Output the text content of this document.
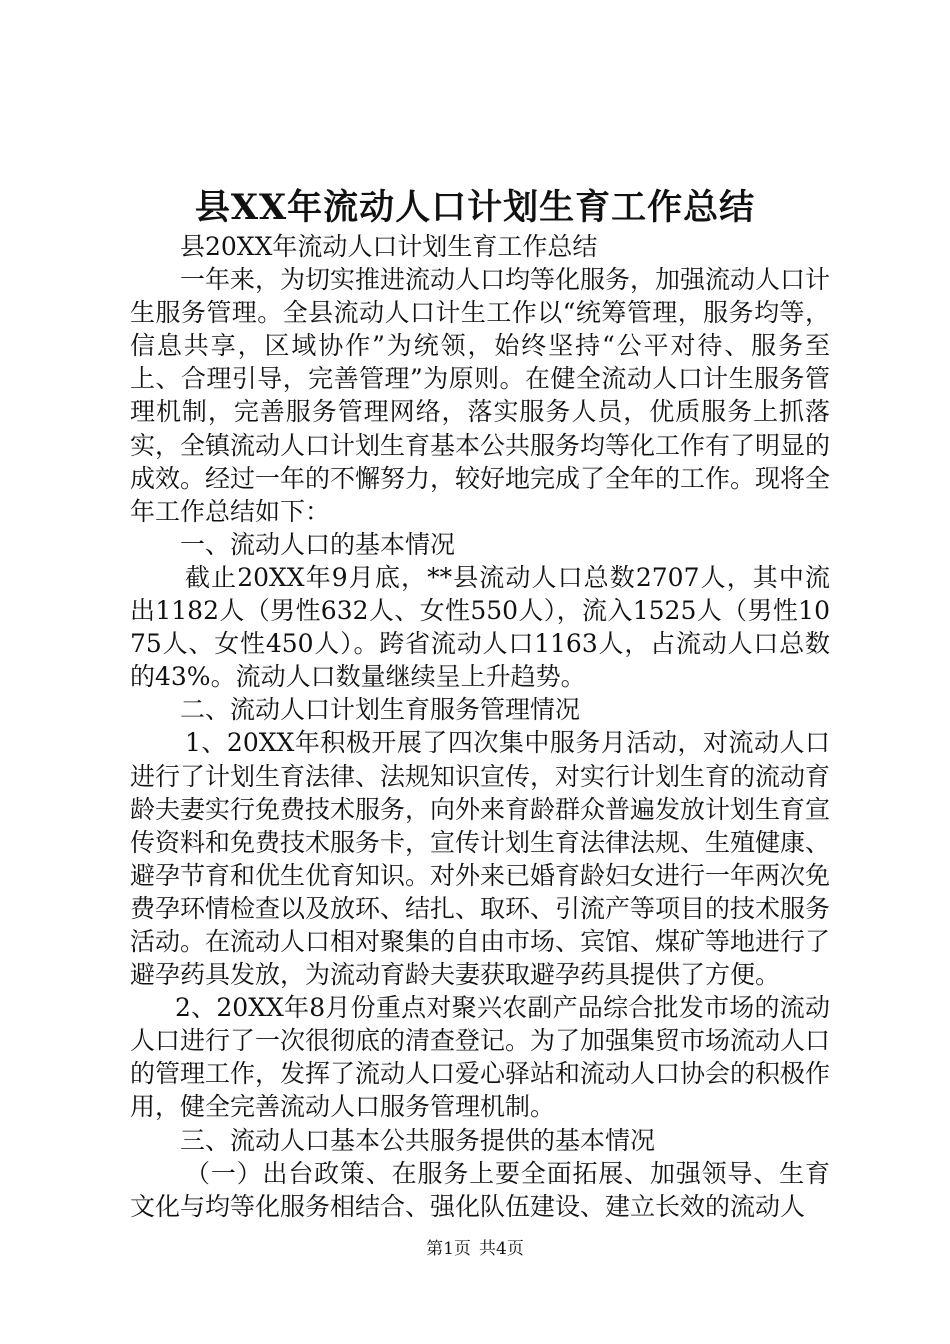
县XX年流动人口计划生育工作总结

县20XX年流动人口计划生育工作总结

一年来，为切实推进流动人口均等化服务，加强流动人口计生服务管理。全县流动人口计生工作以“统筹管理，服务均等，信息共享，区域协作”为统领，始终坚持“公平对待、服务至上、合理引导，完善管理”为原则。在健全流动人口计生服务管理机制，完善服务管理网络，落实服务人员，优质服务上抓落实，全镇流动人口计划生育基本公共服务均等化工作有了明显的成效。经过一年的不懈努力，较好地完成了全年的工作。现将全年工作总结如下：

一、流动人口的基本情况

截止20XX年9月底，**县流动人口总数2707人，其中流出1182人（男性632人、女性550人），流入1525人（男性1075人、女性450人）。跨省流动人口1163人，占流动人口总数的43%。流动人口数量继续呈上升趋势。

二、流动人口计划生育服务管理情况

1、20XX年积极开展了四次集中服务月活动，对流动人口进行了计划生育法律、法规知识宣传，对实行计划生育的流动育龄夫妻实行免费技术服务，向外来育龄群众普遍发放计划生育宣传资料和免费技术服务卡，宣传计划生育法律法规、生殖健康、避孕节育和优生优育知识。对外来已婚育龄妇女进行一年两次免费孕环情检查以及放环、结扎、取环、引流产等项目的技术服务活动。在流动人口相对聚集的自由市场、宾馆、煤矿等地进行了避孕药具发放，为流动育龄夫妻获取避孕药具提供了方便。

2、20XX年8月份重点对聚兴农副产品综合批发市场的流动人口进行了一次很彻底的清查登记。为了加强集贸市场流动人口的管理工作，发挥了流动人口爱心驿站和流动人口协会的积极作用，健全完善流动人口服务管理机制。

三、流动人口基本公共服务提供的基本情况

（一）出台政策、在服务上要全面拓展、加强领导、生育文化与均等化服务相结合、强化队伍建设、建立长效的流动人

第1页 共4页
